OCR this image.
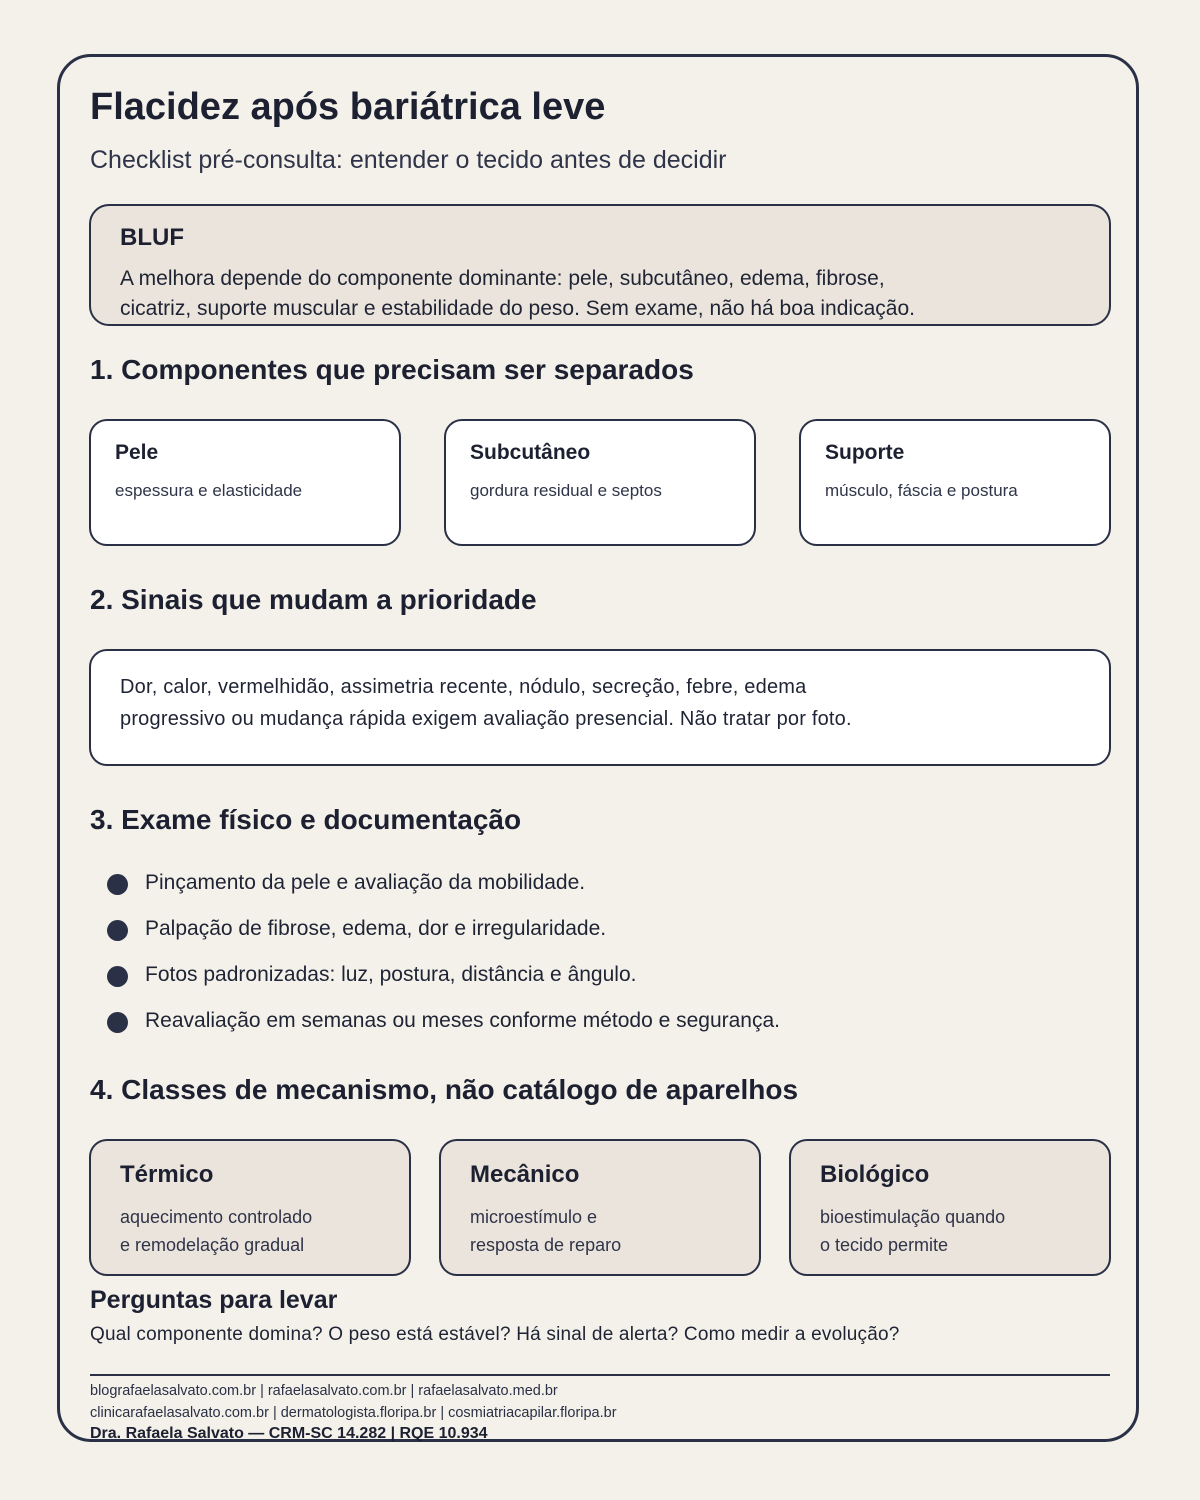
Flacidez após bariátrica leve

Checklist pré-consulta: entender o tecido antes de decidir

BLUF
A melhora depende do componente dominante: pele, subcutâneo, edema, fibrose,
cicatriz, suporte muscular e estabilidade do peso. Sem exame, não há boa indicação.
1. Componentes que precisam ser separados
Pele
espessura e elasticidade
Subcutâneo
gordura residual e septos
Suporte
músculo, fáscia e postura
2. Sinais que mudam a prioridade
Dor, calor, vermelhidão, assimetria recente, nódulo, secreção, febre, edema
progressivo ou mudança rápida exigem avaliação presencial. Não tratar por foto.
3. Exame físico e documentação
Pinçamento da pele e avaliação da mobilidade.
Palpação de fibrose, edema, dor e irregularidade.
Fotos padronizadas: luz, postura, distância e ângulo.
Reavaliação em semanas ou meses conforme método e segurança.
4. Classes de mecanismo, não catálogo de aparelhos
Térmico
aquecimento controlado
e remodelação gradual
Mecânico
microestímulo e
resposta de reparo
Biológico
bioestimulação quando
o tecido permite
Perguntas para levar

Qual componente domina? O peso está estável? Há sinal de alerta? Como medir a evolução?

blografaelasalvato.com.br | rafaelasalvato.com.br | rafaelasalvato.med.br

clinicarafaelasalvato.com.br | dermatologista.floripa.br | cosmiatriacapilar.floripa.br

Dra. Rafaela Salvato — CRM-SC 14.282 | RQE 10.934
